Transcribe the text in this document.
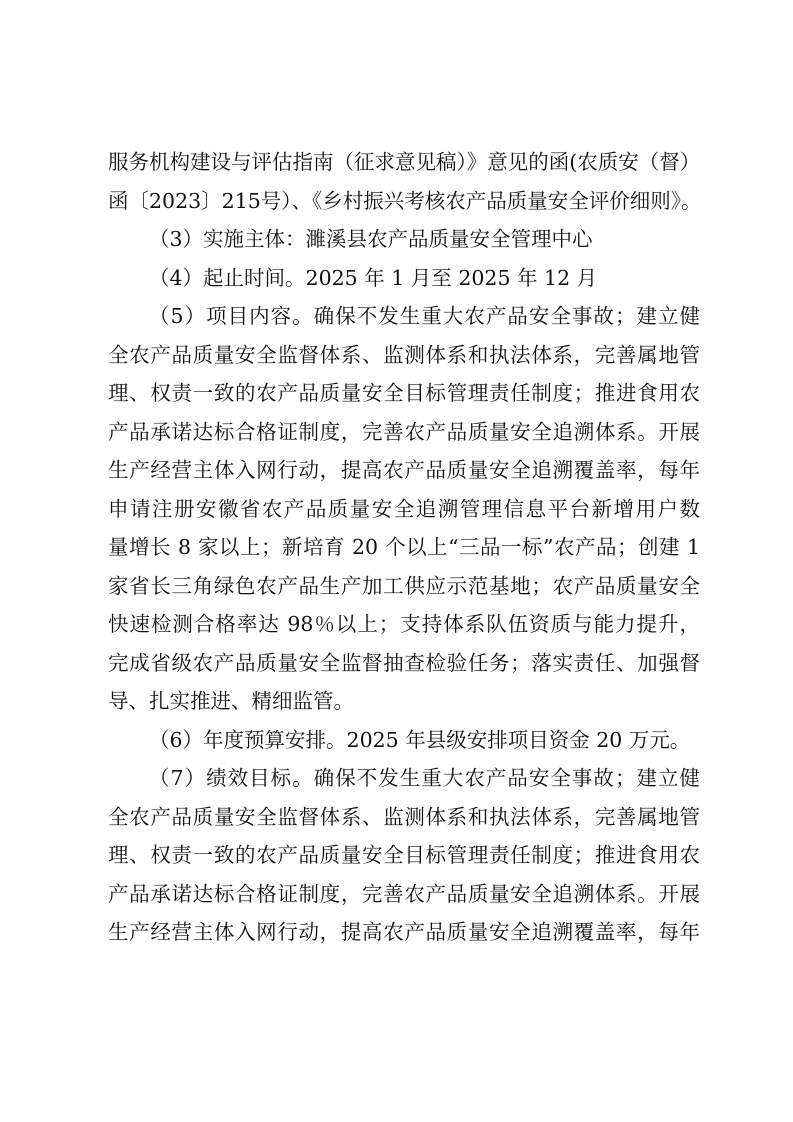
服务机构建设与评估指南（征求意见稿）》意见的函(农质安（督）
函〔2023〕215号）、《乡村振兴考核农产品质量安全评价细则》。
（3）实施主体：濉溪县农产品质量安全管理中心
（4）起止时间。2025 年 1 月至 2025 年 12 月
（5）项目内容。确保不发生重大农产品安全事故；建立健
全农产品质量安全监督体系、监测体系和执法体系，完善属地管
理、权责一致的农产品质量安全目标管理责任制度；推进食用农
产品承诺达标合格证制度，完善农产品质量安全追溯体系。开展
生产经营主体入网行动，提高农产品质量安全追溯覆盖率，每年
申请注册安徽省农产品质量安全追溯管理信息平台新增用户数
量增长 8 家以上；新培育 20 个以上“三品一标”农产品；创建 1
家省长三角绿色农产品生产加工供应示范基地；农产品质量安全
快速检测合格率达 98％以上；支持体系队伍资质与能力提升，
完成省级农产品质量安全监督抽查检验任务；落实责任、加强督
导、扎实推进、精细监管。
（6）年度预算安排。2025 年县级安排项目资金 20 万元。
（7）绩效目标。确保不发生重大农产品安全事故；建立健
全农产品质量安全监督体系、监测体系和执法体系，完善属地管
理、权责一致的农产品质量安全目标管理责任制度；推进食用农
产品承诺达标合格证制度，完善农产品质量安全追溯体系。开展
生产经营主体入网行动，提高农产品质量安全追溯覆盖率，每年
